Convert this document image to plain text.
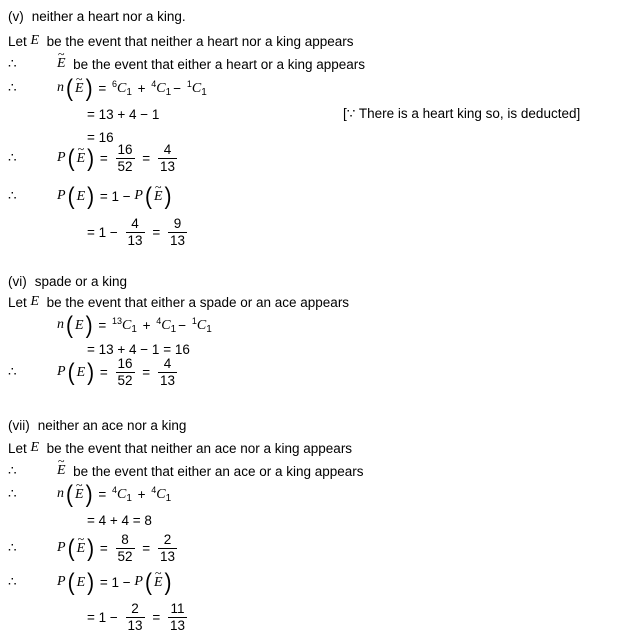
(v) neither a heart nor a king.
Let E be the event that neither a heart nor a king appears
∴	~ E be the event that either a heart or a king appears
∴	n ( ~ E ) = $^6C_1 + ^4C_1 - ^1C_1$
= 13 + 4 − 1	[∵ There is a heart king so, is deducted]
= 16
∴	P ( ~ E ) = $\frac{16}{52} = \frac{4}{13}$
∴	P ( E ) = 1 − P ( ~ E )
= $1 - \frac{4}{13} = \frac{9}{13}$
(vi) spade or a king
Let E be the event that either a spade or an ace appears
n ( E ) = $^{13}C_1 + ^4C_1 - ^1C_1$
= 13 + 4 − 1 = 16
∴	P ( E ) = $\frac{16}{52} = \frac{4}{13}$
(vii) neither an ace nor a king
Let E be the event that neither an ace nor a king appears
∴	~ E be the event that either an ace or a king appears
∴	n ( ~ E ) = $^4C_1 + ^4C_1$
= 4 + 4 = 8
∴	P ( ~ E ) = $\frac{8}{52} = \frac{2}{13}$
∴	P ( E ) = 1 − P ( ~ E )
= $1 - \frac{2}{13} = \frac{11}{13}$
